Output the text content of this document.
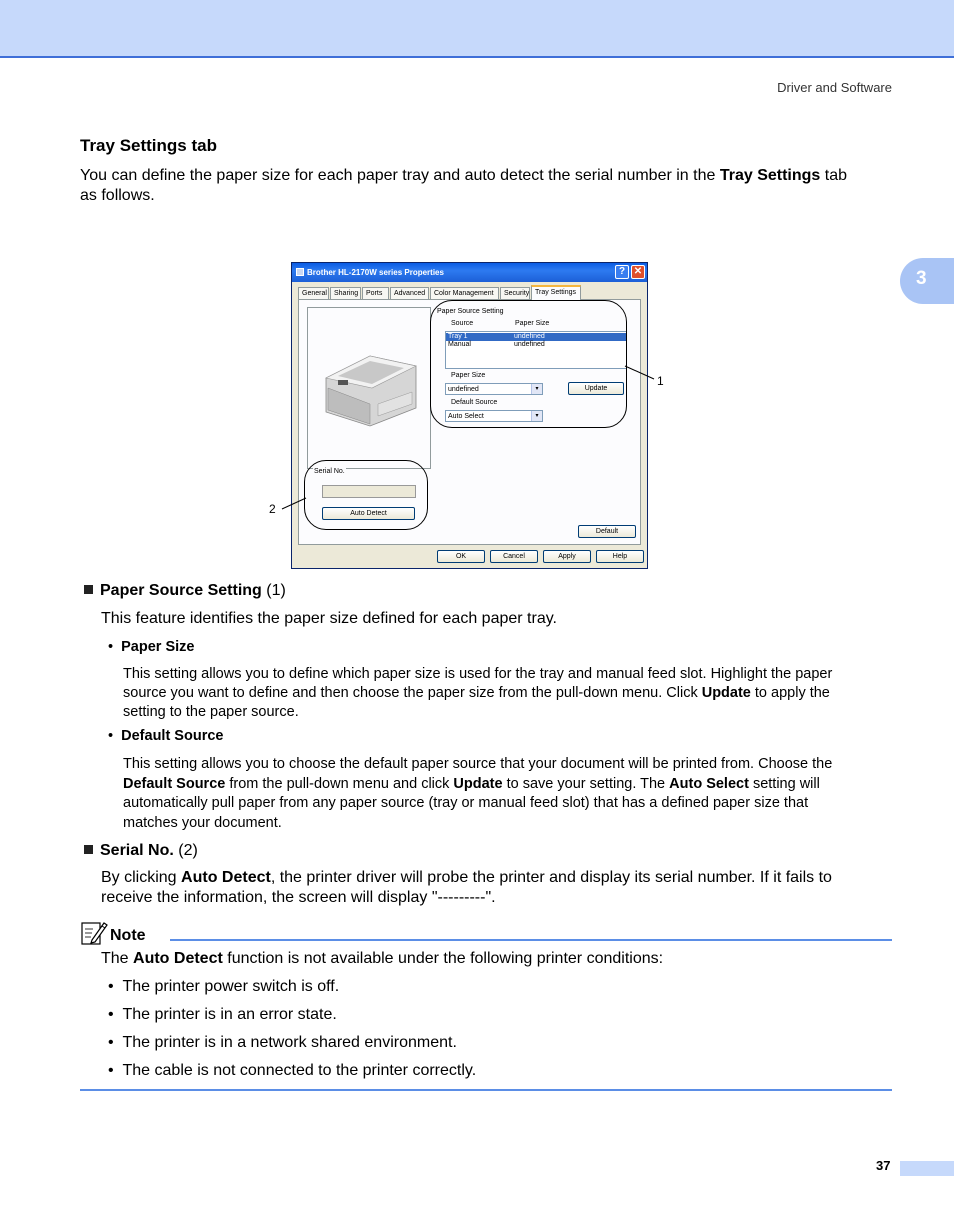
Driver and Software
3
Tray Settings tab
You can define the paper size for each paper tray and auto detect the serial number in the Tray Settings tab
as follows.
Brother HL-2170W series Properties	? ✕
General	Sharing	Ports	Advanced	Color Management	Security Tray Settings
Paper Source Setting
Source	Paper Size
Tray 1	undefined
Manual	undefined
Paper Size
undefined	▾	Update
Default Source
Auto Select	▾
Serial No.
Auto Detect
Default
OK	Cancel	Apply	Help
1
2
Paper Source Setting (1)
This feature identifies the paper size defined for each paper tray.
• Paper Size
This setting allows you to define which paper size is used for the tray and manual feed slot. Highlight the paper
source you want to define and then choose the paper size from the pull-down menu. Click Update to apply the
setting to the paper source.
• Default Source
This setting allows you to choose the default paper source that your document will be printed from. Choose the
Default Source from the pull-down menu and click Update to save your setting. The Auto Select setting will
automatically pull paper from any paper source (tray or manual feed slot) that has a defined paper size that
matches your document.
Serial No. (2)
By clicking Auto Detect, the printer driver will probe the printer and display its serial number. If it fails to
receive the information, the screen will display "---------".
Note
The Auto Detect function is not available under the following printer conditions:
• The printer power switch is off.
• The printer is in an error state.
• The printer is in a network shared environment.
• The cable is not connected to the printer correctly.
37
